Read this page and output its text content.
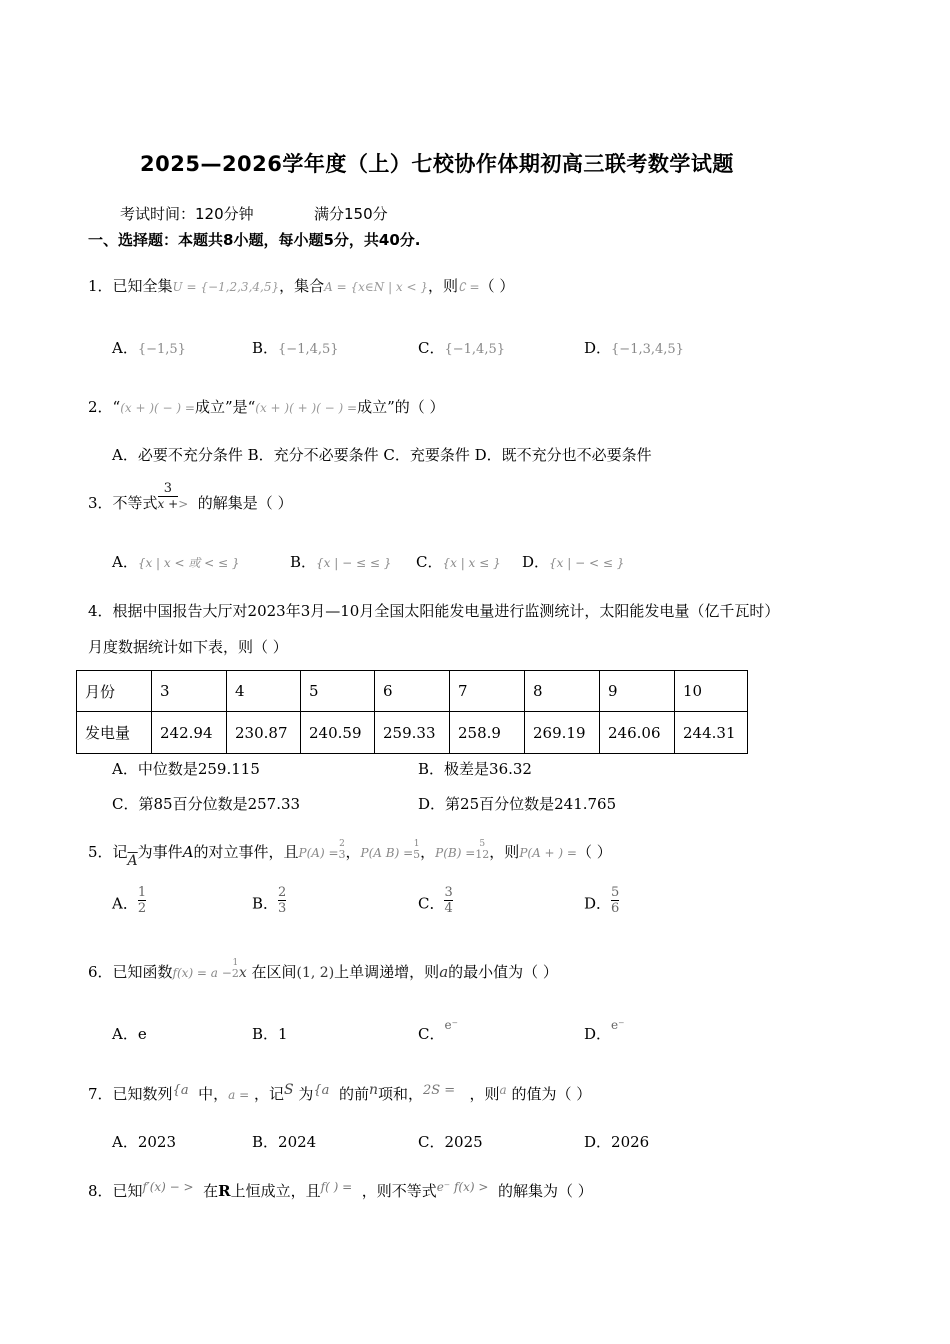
2025—2026学年度（上）七校协作体期初高三联考数学试题
考试时间：120分钟	满分150分
一、选择题：本题共8小题，每小题5分，共40分.
1．已知全集U = {−1,2,3,4,5}，集合A = {x∈N | x < }，则∁ =（ ）
A．{−1,5}	B．{−1,4,5}	C．{−1,4,5}	D．{−1,3,4,5}
2．“(x + )( − ) =成立”是“(x + )( + )( − ) =成立”的（ ）
A．必要不充分条件 B．充分不必要条件 C．充要条件 D．既不充分也不必要条件
3．不等式 $\frac{3}{x +}$ > 的解集是（ ）
A．{x | x < 或 < ≤ }	B．{x | − ≤ ≤ } C．{x | x ≤ } D．{x | − < ≤ }
4．根据中国报告大厅对2023年3月—10月全国太阳能发电量进行监测统计，太阳能发电量（亿千瓦时）
月度数据统计如下表，则（ ）
月份	3	4	5	6	7	8	9	10
发电量	242.94	230.87	240.59	259.33	258.9	269.19	246.06	244.31
A．中位数是259.115	B．极差是36.32
C．第85百分位数是257.33	D．第25百分位数是241.765
5．记$\overline{A}$为事件A的对立事件，且P(A) =
2
3 ，P(A B) =
1
5 ，P(B) =
5
12 ，则P(A + ) =（ ）
A． $\frac{1}{2}$	B． $\frac{2}{3}$	C． $\frac{3}{4}$	D． $\frac{5}{6}$
6．已知函数f(x) = a −
1
2 x 在区间(1, 2)上单调递增，则a的最小值为（ ）
A．e	B．1	C．$^{e^-}$	D．$^{e^-}$
7．已知数列{a 中，a = ，记S 为{a 的前n项和，2S = ，则$^a$ 的值为（ ）
A．2023	B．2024	C．2025	D．2026
8．已知$^{f'(x) - >}$ 在R上恒成立，且$^{f( ) =}$ ，则不等式$^{e^- f(x) >}$ 的解集为（ ）
